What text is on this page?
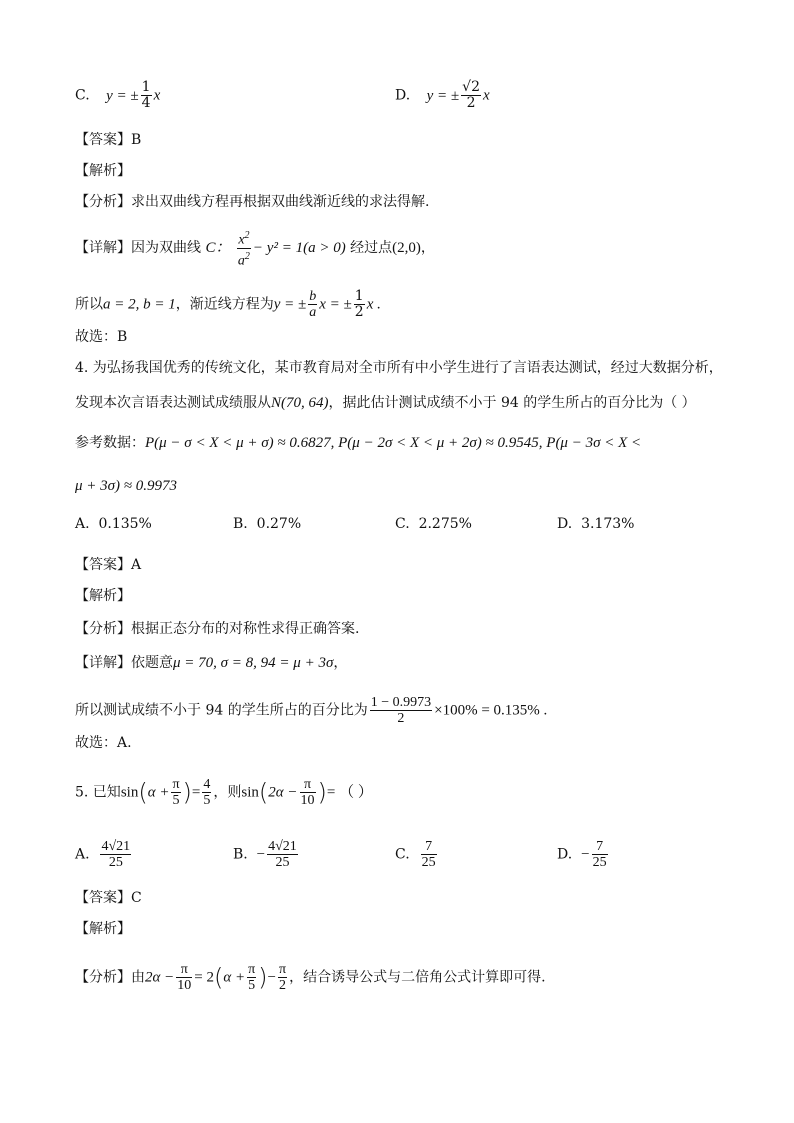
C. y = ± $\frac{1}{4}$ x	D. y = ± $\frac{√2}{2}$ x
【答案】B
【解析】
【分析】求出双曲线方程再根据双曲线渐近线的求法得解.
【详解】因为双曲线 C： $\frac{x^2}{a^2} - y^2 = 1(a > 0)$ 经过点(2,0)，
所以a = 2, b = 1，渐近线方程为y = ± $\frac{b}{a}$ x = ± $\frac{1}{2}$ x .
故选：B
4. 为弘扬我国优秀的传统文化，某市教育局对全市所有中小学生进行了言语表达测试，经过大数据分析，
发现本次言语表达测试成绩服从N(70, 64)，据此估计测试成绩不小于 94 的学生所占的百分比为（ ）
参考数据：P(μ − σ < X < μ + σ) ≈ 0.6827, P(μ − 2σ < X < μ + 2σ) ≈ 0.9545, P(μ − 3σ < X <
μ + 3σ) ≈ 0.9973
A. 0.135%	B. 0.27%	C. 2.275%	D. 3.173%
【答案】A
【解析】
【分析】根据正态分布的对称性求得正确答案.
【详解】依题意μ = 70, σ = 8, 94 = μ + 3σ，
所以测试成绩不小于 94 的学生所占的百分比为 $\frac{1 - 0.9973}{2} \times 100\% = 0.135\%$ .
故选：A.
5. 已知$\sin(\alpha + \frac{\pi}{5}$ )= $\frac{4}{5}$ ，则$\sin(2\alpha - \frac{\pi}{10}$ )= （ ）
A. $\frac{4√21}{25}$	B. − $\frac{4√21}{25}$	C. $\frac{7}{25}$	D. − $\frac{7}{25}$
【答案】C
【解析】
【分析】由$2\alpha - \frac{\pi}{10} = 2(\alpha + \frac{\pi}{5}$ )− $\frac{\pi}{2}$ ，结合诱导公式与二倍角公式计算即可得.
